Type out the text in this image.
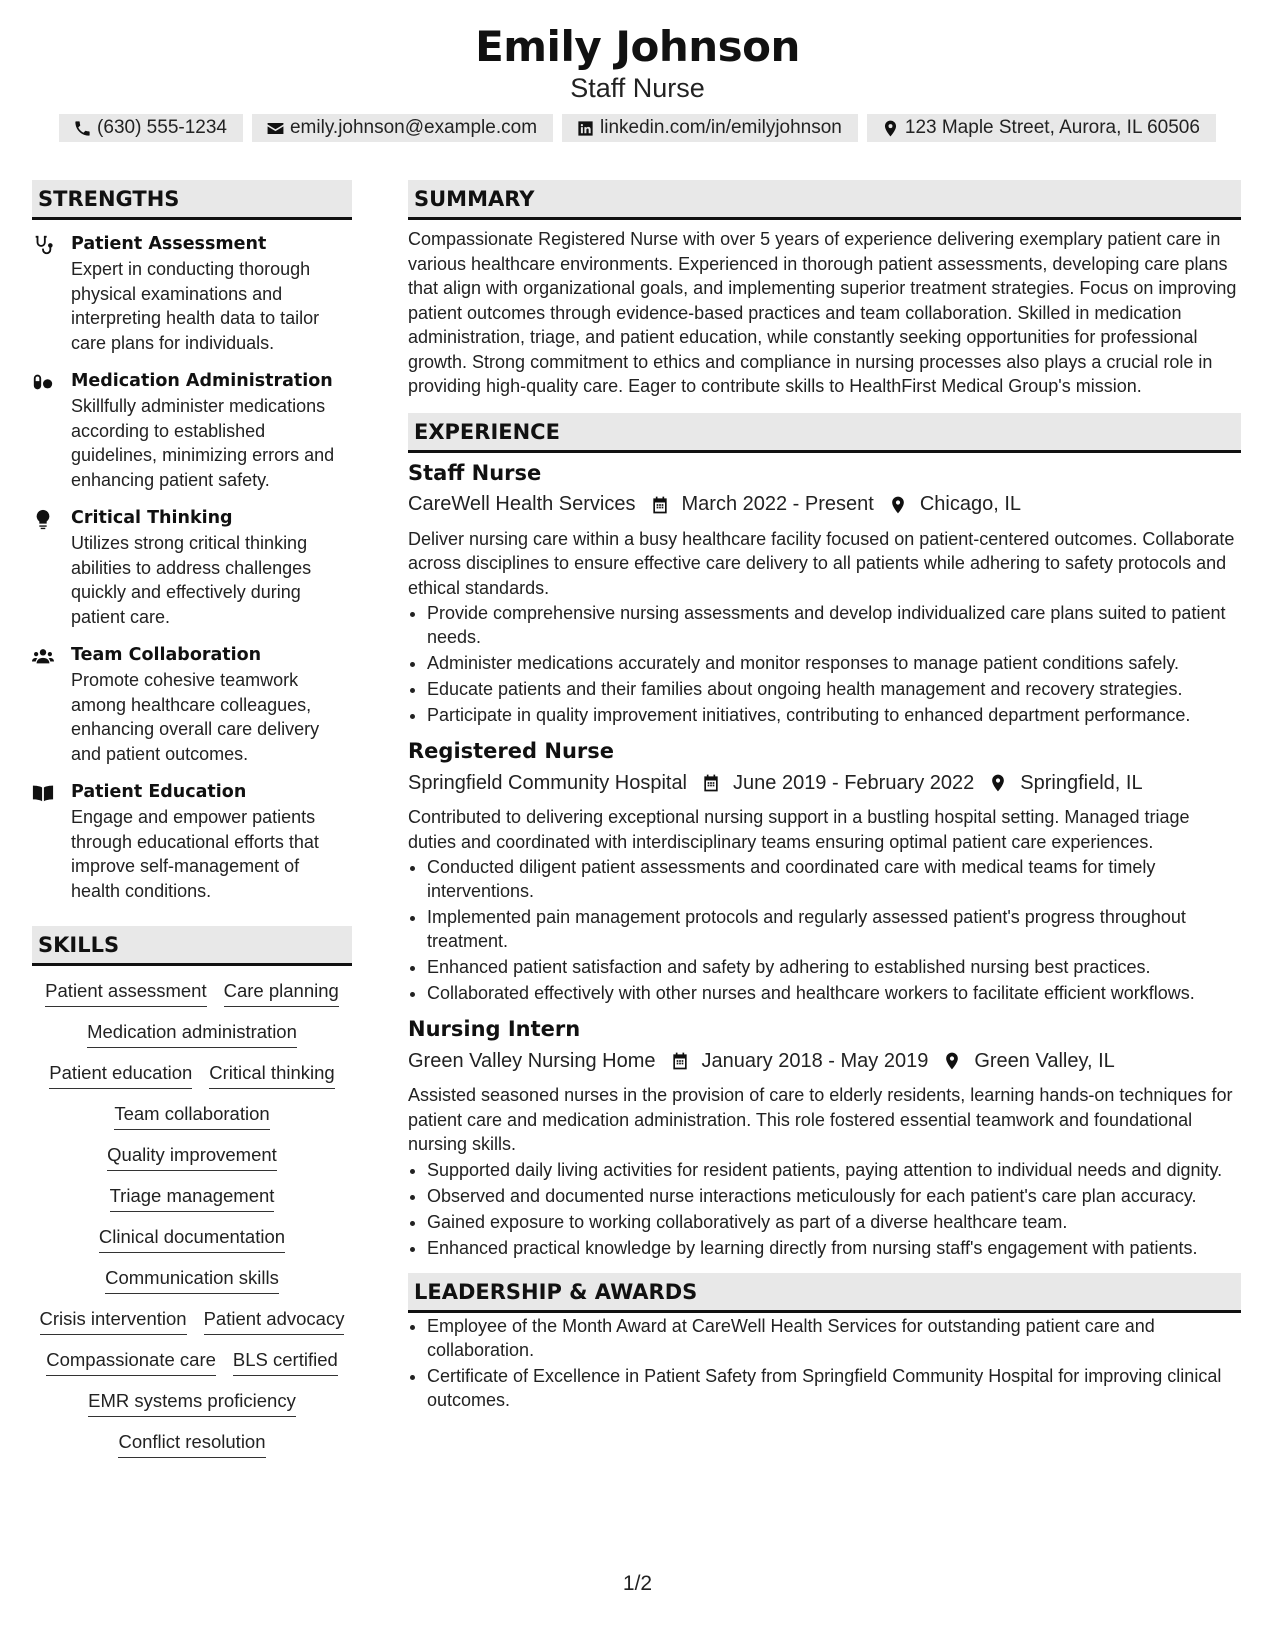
Emily Johnson
Staff Nurse
(630) 555-1234	emily.johnson@example.com	linkedin.com/in/emilyjohnson	123 Maple Street, Aurora, IL 60506
STRENGTHS
Patient Assessment
Expert in conducting thorough physical examinations and interpreting health data to tailor care plans for individuals.
Medication Administration
Skillfully administer medications according to established guidelines, minimizing errors and enhancing patient safety.
Critical Thinking
Utilizes strong critical thinking abilities to address challenges quickly and effectively during patient care.
Team Collaboration
Promote cohesive teamwork among healthcare colleagues, enhancing overall care delivery and patient outcomes.
Patient Education
Engage and empower patients through educational efforts that improve self-management of health conditions.
SKILLS
Patient assessment Care planning
Medication administration
Patient education Critical thinking
Team collaboration
Quality improvement
Triage management
Clinical documentation
Communication skills
Crisis intervention Patient advocacy
Compassionate care BLS certified
EMR systems proficiency
Conflict resolution
SUMMARY
Compassionate Registered Nurse with over 5 years of experience delivering exemplary patient care in various healthcare environments. Experienced in thorough patient assessments, developing care plans that align with organizational goals, and implementing superior treatment strategies. Focus on improving patient outcomes through evidence-based practices and team collaboration. Skilled in medication administration, triage, and patient education, while constantly seeking opportunities for professional growth. Strong commitment to ethics and compliance in nursing processes also plays a crucial role in providing high-quality care. Eager to contribute skills to HealthFirst Medical Group's mission.
EXPERIENCE
Staff Nurse
CareWell Health Services March 2022 - Present Chicago, IL
Deliver nursing care within a busy healthcare facility focused on patient-centered outcomes. Collaborate across disciplines to ensure effective care delivery to all patients while adhering to safety protocols and ethical standards.
• Provide comprehensive nursing assessments and develop individualized care plans suited to patient needs.
• Administer medications accurately and monitor responses to manage patient conditions safely.
• Educate patients and their families about ongoing health management and recovery strategies.
• Participate in quality improvement initiatives, contributing to enhanced department performance.
Registered Nurse
Springfield Community Hospital June 2019 - February 2022 Springfield, IL
Contributed to delivering exceptional nursing support in a bustling hospital setting. Managed triage duties and coordinated with interdisciplinary teams ensuring optimal patient care experiences.
• Conducted diligent patient assessments and coordinated care with medical teams for timely interventions.
• Implemented pain management protocols and regularly assessed patient's progress throughout treatment.
• Enhanced patient satisfaction and safety by adhering to established nursing best practices.
• Collaborated effectively with other nurses and healthcare workers to facilitate efficient workflows.
Nursing Intern
Green Valley Nursing Home January 2018 - May 2019 Green Valley, IL
Assisted seasoned nurses in the provision of care to elderly residents, learning hands-on techniques for patient care and medication administration. This role fostered essential teamwork and foundational nursing skills.
• Supported daily living activities for resident patients, paying attention to individual needs and dignity.
• Observed and documented nurse interactions meticulously for each patient's care plan accuracy.
• Gained exposure to working collaboratively as part of a diverse healthcare team.
• Enhanced practical knowledge by learning directly from nursing staff's engagement with patients.
LEADERSHIP & AWARDS
• Employee of the Month Award at CareWell Health Services for outstanding patient care and collaboration.
• Certificate of Excellence in Patient Safety from Springfield Community Hospital for improving clinical outcomes.
1/2
